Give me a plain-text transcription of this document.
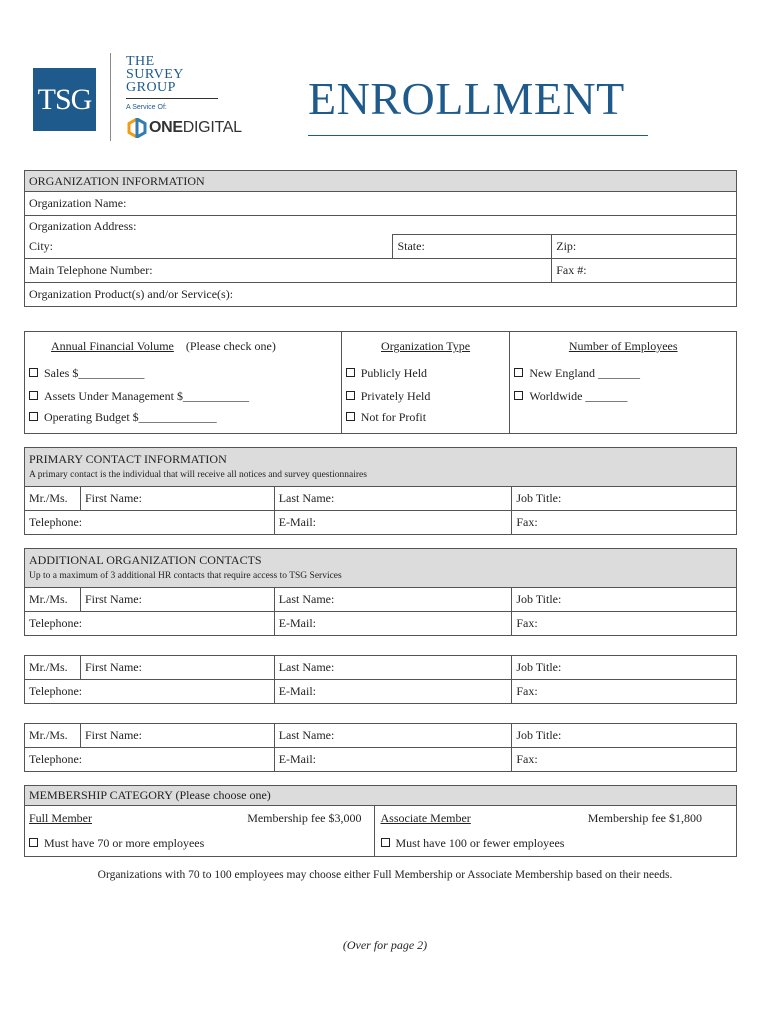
TSG
THE
SURVEY
GROUP
A Service Of:
ONEDIGITAL
ENROLLMENT
ORGANIZATION INFORMATION		
Organization Name:		
Organization Address:		
City:	State:	Zip:
Main Telephone Number:		Fax #:
Organization Product(s) and/or Service(s):		
Annual Financial Volume (Please check one)	Organization Type	Number of Employees
Sales $___________	Publicly Held	New England _______
Assets Under Management $___________	Privately Held	Worldwide _______
Operating Budget $_____________	Not for Profit	
PRIMARY CONTACT INFORMATION
A primary contact is the individual that will receive all notices and survey questionnaires			

Mr./Ms.	First Name:	Last Name:	Job Title:
Telephone:		E-Mail:	Fax:
ADDITIONAL ORGANIZATION CONTACTS
Up to a maximum of 3 additional HR contacts that require access to TSG Services			

Mr./Ms.	First Name:	Last Name:	Job Title:
Telephone:		E-Mail:	Fax:
Mr./Ms.	First Name:	Last Name:	Job Title:
Telephone:		E-Mail:	Fax:
Mr./Ms.	First Name:	Last Name:	Job Title:
Telephone:		E-Mail:	Fax:
MEMBERSHIP CATEGORY (Please choose one)	
Full Member Membership fee $3,000	Associate Member Membership fee $1,800

Must have 70 or more employees	Must have 100 or fewer employees
Organizations with 70 to 100 employees may choose either Full Membership or Associate Membership based on their needs.
(Over for page 2)
